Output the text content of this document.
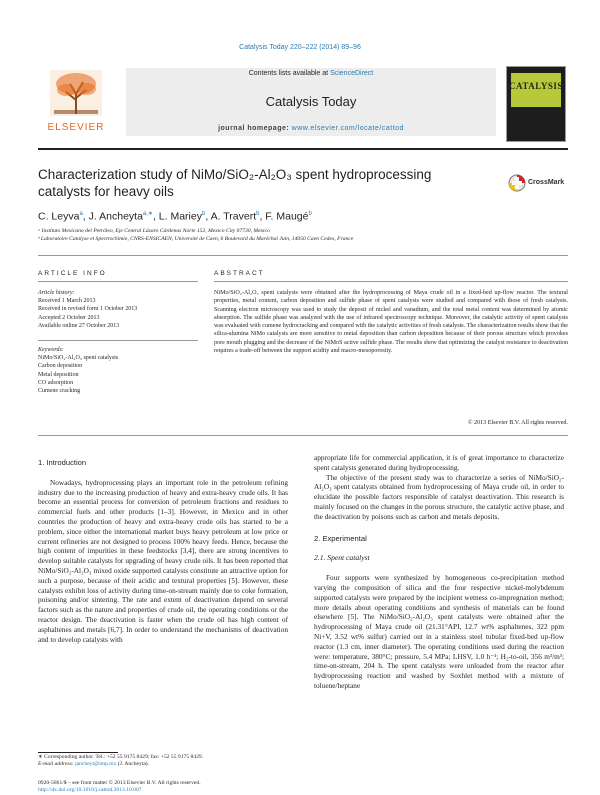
Catalysis Today 220–222 (2014) 89–96
ELSEVIER
Contents lists available at ScienceDirect
Catalysis Today
journal homepage: www.elsevier.com/locate/cattod
CATALYSIS
Characterization study of NiMo/SiO₂-Al₂O₃ spent hydroprocessing
catalysts for heavy oils
CrossMark
C. Leyva$^a$, J. Ancheyta$^{a,∗}$, L. Mariey$^b$, A. Travert$^b$, F. Maugé$^b$
ᵃ Instituto Mexicano del Petróleo, Eje Central Lázaro Cárdenas Norte 152, Mexico City 07730, Mexico
ᵇ Laboratoire Catalyse et Spectrochimie, CNRS-ENSICAEN, Université de Caen, 6 Boulevard du Maréchal Juin, 14050 Caen Cedex, France
ARTICLE INFO	ABSTRACT
Article history:
Received 1 March 2013
Received in revised form 1 October 2013
Accepted 2 October 2013
Available online 27 October 2013
Keywords:
NiMo/SiO₂-Al₂O₃ spent catalysts
Carbon deposition
Metal deposition
CO adsorption
Cumene cracking
NiMo/SiO₂-Al₂O₃ spent catalysts were obtained after the hydroprocessing of Maya crude oil in a fixed-bed up-flow reactor. The textural properties, metal content, carbon deposition and sulfide phase of spent catalysts were studied and compared with those of fresh catalysts. Scanning electron microscopy was used to study the deposit of nickel and vanadium, and the total metal content was determined by atomic absorption. The sulfide phase was analyzed with the use of infrared spectroscopy technique. Moreover, the catalytic activity of spent catalysts was evaluated with cumene hydrocracking and compared with the catalytic activities of fresh catalysts. The characterization results show that the silica-alumina NiMo catalysts are more sensitive to metal deposition than carbon deposition because of their porous structure which provokes pore mouth plugging and the decrease of the NiMoS active sulfide phase. The results show that optimizing the catalyst resistance to deactivation requires a trade-off between the support acidity and macro-mesoporosity.
© 2013 Elsevier B.V. All rights reserved.
1. Introduction

Nowadays, hydroprocessing plays an important role in the petroleum refining industry due to the increasing production of heavy and extra-heavy crude oils. It has become an essential process for conversion of petroleum fractions and residues to commercial fuels and other products [1–3]. However, in Mexico and in other countries the production of heavy and extra-heavy crude oils has started to be a problem, since either the international market buys heavy petroleum at low price or current refineries are not designed to process 100% heavy feeds. Hence, because the high content of impurities in these feedstocks [3,4], there are strong incentives to develop suitable catalysts for upgrading of heavy crude oils. It has been reported that NiMo/SiO₂-Al₂O₃ mixed oxide supported catalysts constitute an attractive option for such a purpose, because of their acidic and textural properties [5]. However, these catalysts exhibit loss of activity during time-on-stream mainly due to coke formation, poisoning and/or sintering. The rate and extent of deactivation depend on several factors such as the nature and properties of crude oil, the operating conditions or the reactor design. The deactivation is faster when the crude oil has high content of asphaltenes and metals [6,7]. In order to understand the mechanisms of deactivation and to develop catalysts with

appropriate life for commercial application, it is of great importance to characterize spent catalysts generated during hydroprocessing.

The objective of the present study was to characterize a series of NiMo/SiO₂-Al₂O₃ spent catalysts obtained from hydroprocessing of Maya crude oil, in order to elucidate the possible factors responsible of catalyst deactivation. This research is mainly focused on the changes in the porous structure, the catalytic active phase, and the deactivation by poisons such as carbon and metals deposits.

2. Experimental
2.1. Spent catalyst

Four supports were synthesized by homogeneous co-precipitation method varying the composition of silica and the four respective nickel-molybdenum supported catalysts were prepared by the incipient wetness co-impregnation method; more details about operating conditions and synthesis of materials can be found elsewhere [5]. The NiMo/SiO₂-Al₂O₃ spent catalysts were obtained after the hydroprocessing of Maya crude oil (21.31°API, 12.7 wt% asphaltenes, 322 ppm Ni+V, 3.52 wt% sulfur) carried out in a stainless steel tubular fixed-bed up-flow reactor (1.3 cm, inner diameter). The operating conditions used during the reaction were: temperature, 380°C; pressure, 5.4 MPa; LHSV, 1.0 h⁻¹; H₂-to-oil, 356 m³/m³; time-on-stream, 204 h. The spent catalysts were unloaded from the reactor after hydroprocessing reaction and washed by Soxhlet method with a mixture of toluene/heptane

∗ Corresponding author. Tel.: +52 55 9175 8429; fax: +52 55 9175 8429.
E-mail address: jancheyt@imp.mx (J. Ancheyta).
0920-5861/$ – see front matter © 2013 Elsevier B.V. All rights reserved.
http://dx.doi.org/10.1016/j.cattod.2013.10.007
